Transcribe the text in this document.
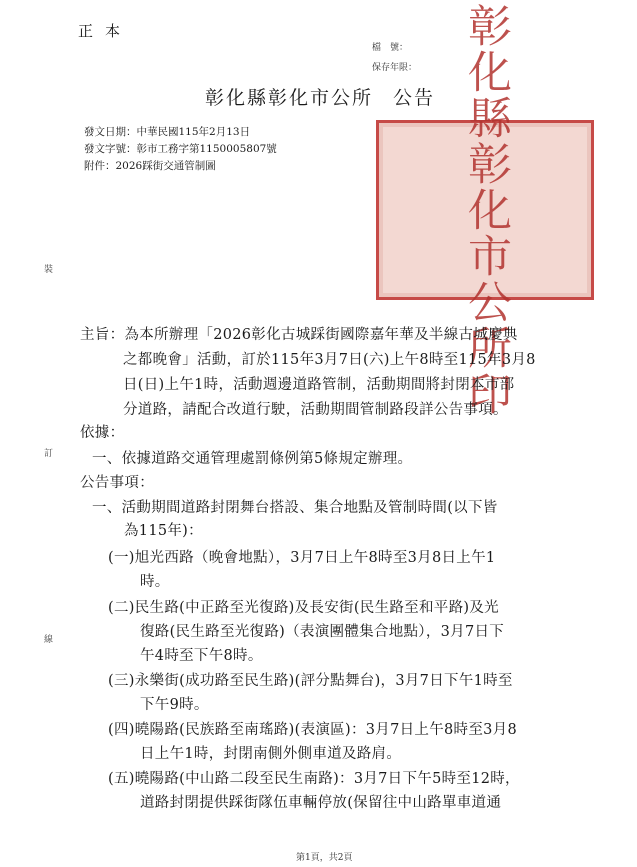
正本
檔　號：
保存年限：
彰化縣彰化市公所 公告
發文日期：中華民國115年2月13日
發文字號：彰市工務字第1150005807號
附件：2026踩街交通管制圖	彰化縣彰化市公所印
裝
訂
線
主旨：為本所辦理「2026彰化古城踩街國際嘉年華及半線古城慶典
之都晚會」活動，訂於115年3月7日(六)上午8時至115年3月8
日(日)上午1時，活動週邊道路管制，活動期間將封閉本市部
分道路，請配合改道行駛，活動期間管制路段詳公告事項。
依據：
一、依據道路交通管理處罰條例第5條規定辦理。
公告事項：
一、活動期間道路封閉舞台搭設、集合地點及管制時間(以下皆
為115年)：
(一)旭光西路（晚會地點），3月7日上午8時至3月8日上午1
時。
(二)民生路(中正路至光復路)及長安街(民生路至和平路)及光
復路(民生路至光復路)（表演團體集合地點），3月7日下
午4時至下午8時。
(三)永樂街(成功路至民生路)(評分點舞台)，3月7日下午1時至
下午9時。
(四)曉陽路(民族路至南瑤路)(表演區)：3月7日上午8時至3月8
日上午1時，封閉南側外側車道及路肩。
(五)曉陽路(中山路二段至民生南路)：3月7日下午5時至12時，
道路封閉提供踩街隊伍車輛停放(保留往中山路單車道通
第1頁，共2頁
